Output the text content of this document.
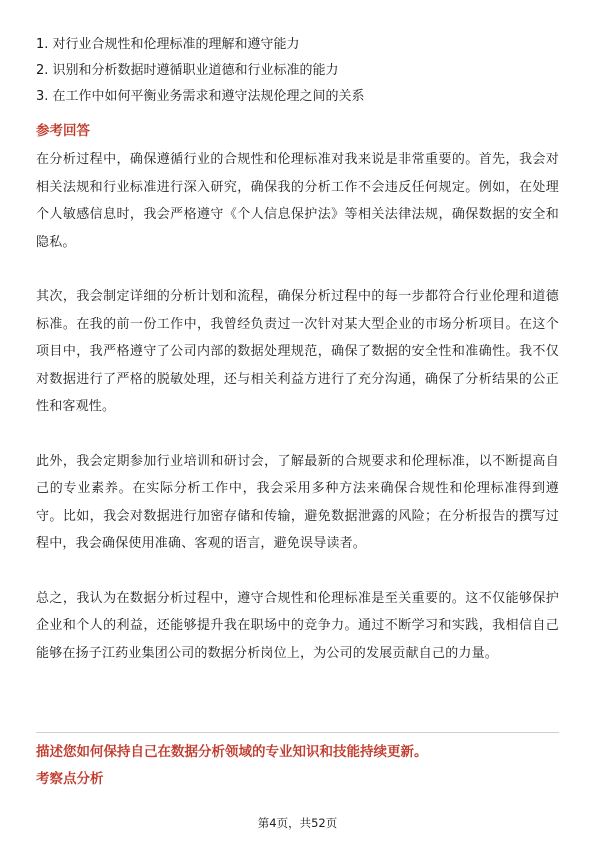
1. 对行业合规性和伦理标准的理解和遵守能力
2. 识别和分析数据时遵循职业道德和行业标准的能力
3. 在工作中如何平衡业务需求和遵守法规伦理之间的关系
参考回答

在分析过程中，确保遵循行业的合规性和伦理标准对我来说是非常重要的。首先，我会对相关法规和行业标准进行深入研究，确保我的分析工作不会违反任何规定。例如，在处理个人敏感信息时，我会严格遵守《个人信息保护法》等相关法律法规，确保数据的安全和隐私。

其次，我会制定详细的分析计划和流程，确保分析过程中的每一步都符合行业伦理和道德标准。在我的前一份工作中，我曾经负责过一次针对某大型企业的市场分析项目。在这个项目中，我严格遵守了公司内部的数据处理规范，确保了数据的安全性和准确性。我不仅对数据进行了严格的脱敏处理，还与相关利益方进行了充分沟通，确保了分析结果的公正性和客观性。

此外，我会定期参加行业培训和研讨会，了解最新的合规要求和伦理标准，以不断提高自己的专业素养。在实际分析工作中，我会采用多种方法来确保合规性和伦理标准得到遵守。比如，我会对数据进行加密存储和传输，避免数据泄露的风险；在分析报告的撰写过程中，我会确保使用准确、客观的语言，避免误导读者。

总之，我认为在数据分析过程中，遵守合规性和伦理标准是至关重要的。这不仅能够保护企业和个人的利益，还能够提升我在职场中的竞争力。通过不断学习和实践，我相信自己能够在扬子江药业集团公司的数据分析岗位上，为公司的发展贡献自己的力量。

描述您如何保持自己在数据分析领域的专业知识和技能持续更新。
考察点分析
第4页，共52页
